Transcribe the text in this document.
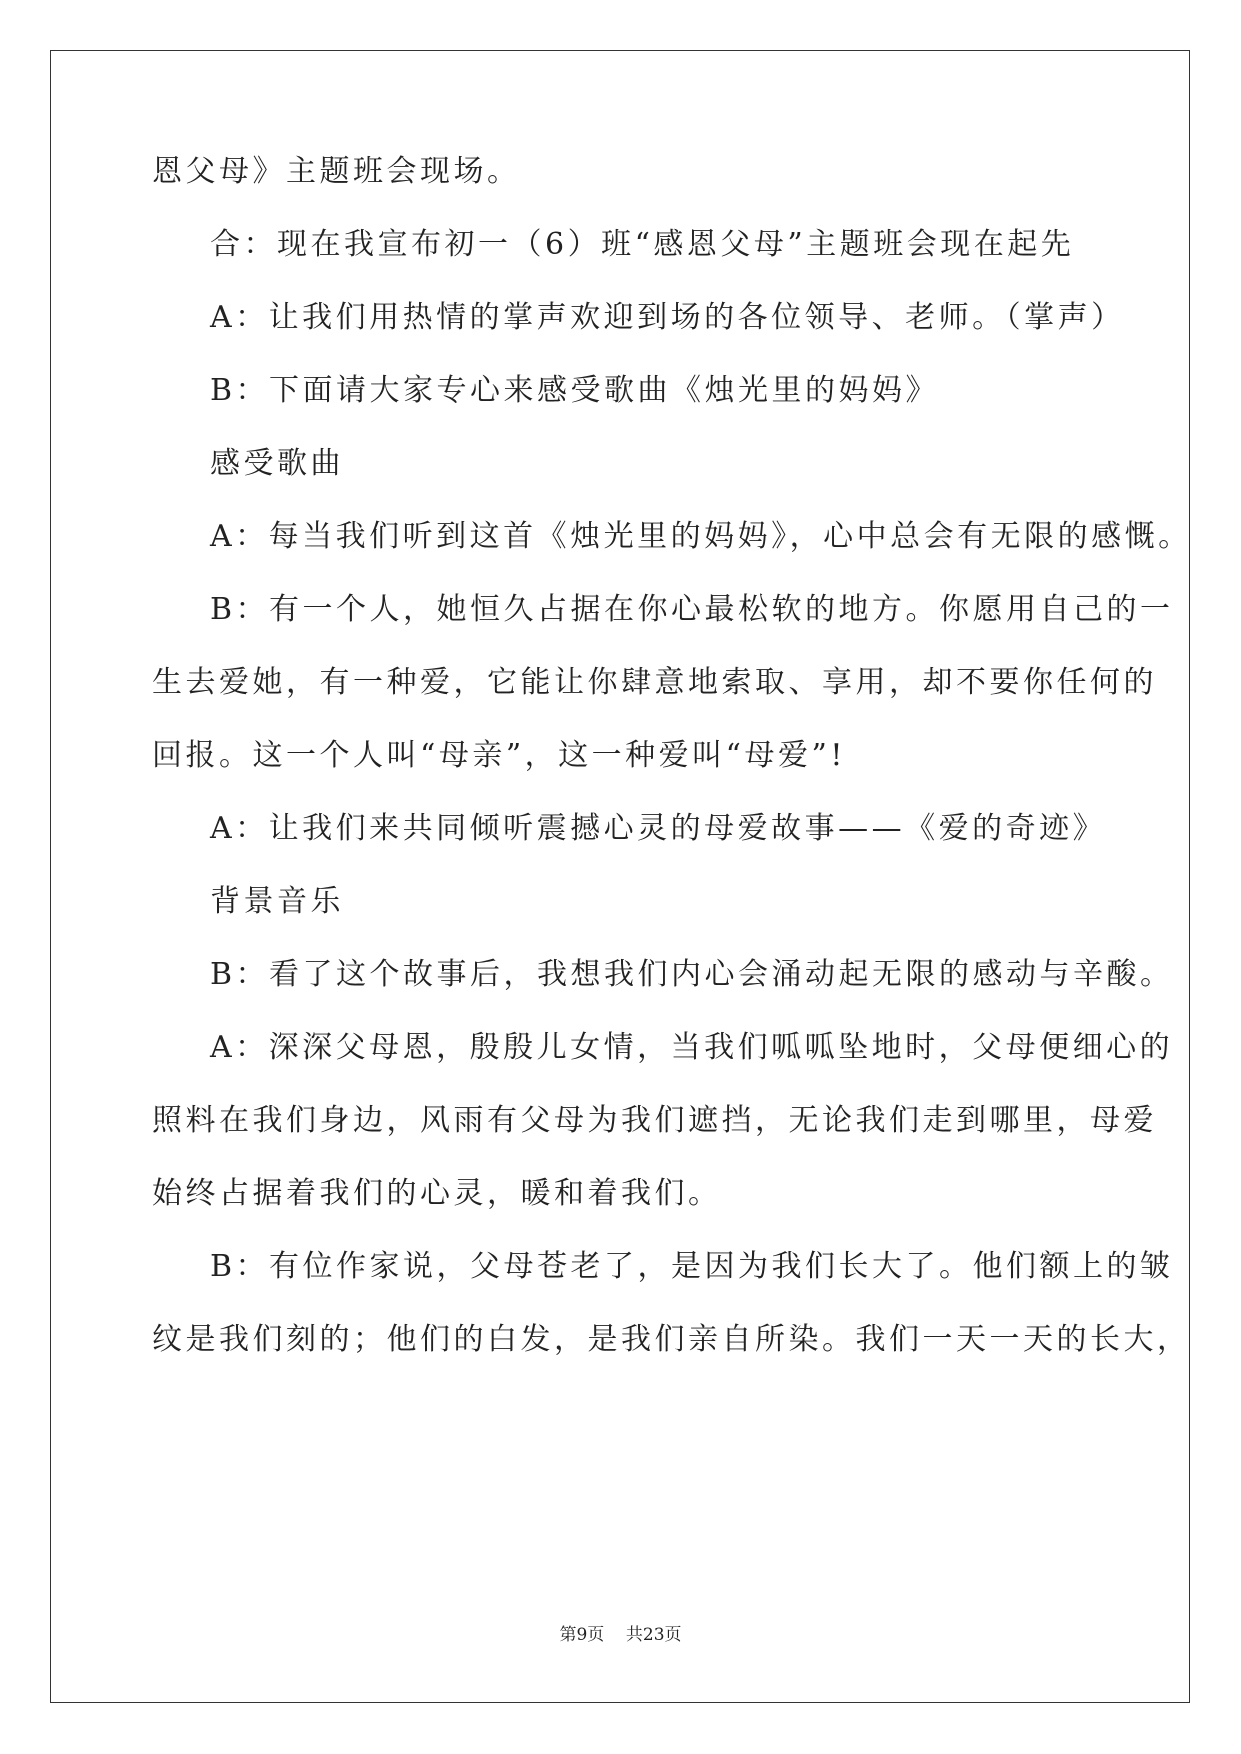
恩父母》主题班会现场。
合：现在我宣布初一（6）班“感恩父母”主题班会现在起先
A：让我们用热情的掌声欢迎到场的各位领导、老师。（掌声）
B：下面请大家专心来感受歌曲《烛光里的妈妈》
感受歌曲
A：每当我们听到这首《烛光里的妈妈》，心中总会有无限的感慨。
B：有一个人，她恒久占据在你心最松软的地方。你愿用自己的一
生去爱她，有一种爱，它能让你肆意地索取、享用，却不要你任何的
回报。这一个人叫“母亲”，这一种爱叫“母爱”!
A：让我们来共同倾听震撼心灵的母爱故事——《爱的奇迹》
背景音乐
B：看了这个故事后，我想我们内心会涌动起无限的感动与辛酸。
A：深深父母恩，殷殷儿女情，当我们呱呱坠地时，父母便细心的
照料在我们身边，风雨有父母为我们遮挡，无论我们走到哪里，母爱
始终占据着我们的心灵，暖和着我们。
B：有位作家说，父母苍老了，是因为我们长大了。他们额上的皱
纹是我们刻的；他们的白发，是我们亲自所染。我们一天一天的长大，
第9页 共23页
